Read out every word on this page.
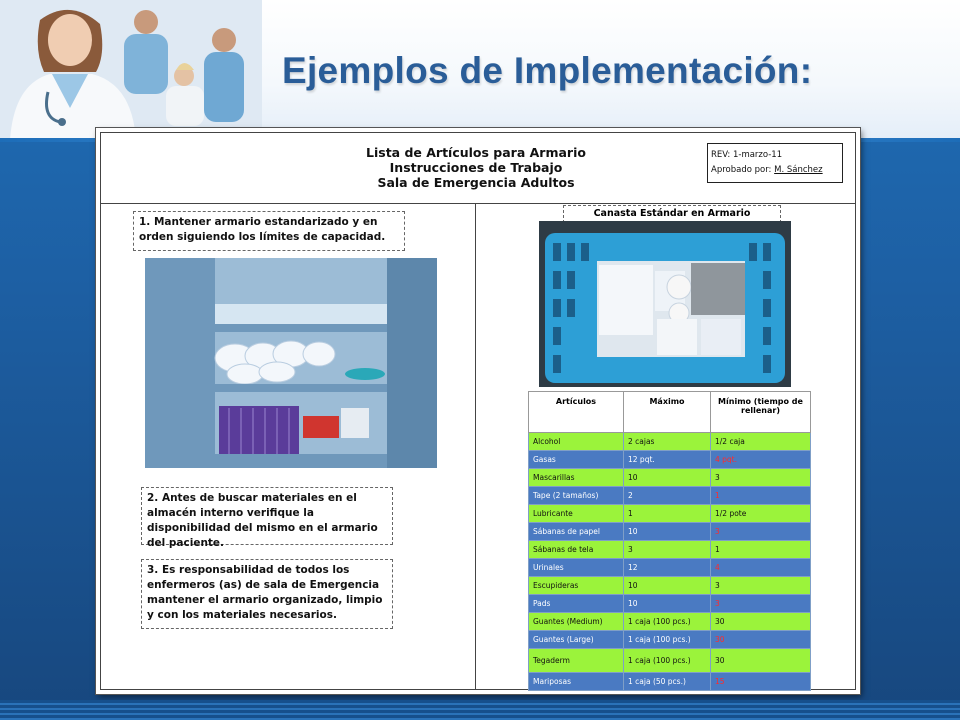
Ejemplos de Implementación:
Lista de Artículos para Armario
Instrucciones de Trabajo
Sala de Emergencia Adultos
REV: 1-marzo-11
Aprobado por: M. Sánchez
1. Mantener armario estandarizado y en orden siguiendo los límites de capacidad.
2. Antes de buscar materiales en el almacén interno verifique la disponibilidad del mismo en el armario del paciente.
3. Es responsabilidad de todos los enfermeros (as) de sala de Emergencia mantener el armario organizado, limpio y con los materiales necesarios.
Canasta Estándar en Armario
Artículos	Máximo	Mínimo (tiempo de rellenar)
Alcohol	2 cajas	1/2 caja
Gasas	12 pqt.	4 pqt.
Mascarillas	10	3
Tape (2 tamaños)	2	1
Lubricante	1	1/2 pote
Sábanas de papel	10	3
Sábanas de tela	3	1
Urinales	12	4
Escupideras	10	3
Pads	10	3
Guantes (Medium)	1 caja (100 pcs.)	30
Guantes (Large)	1 caja (100 pcs.)	30
Tegaderm	1 caja (100 pcs.)	30
Mariposas	1 caja (50 pcs.)	15
